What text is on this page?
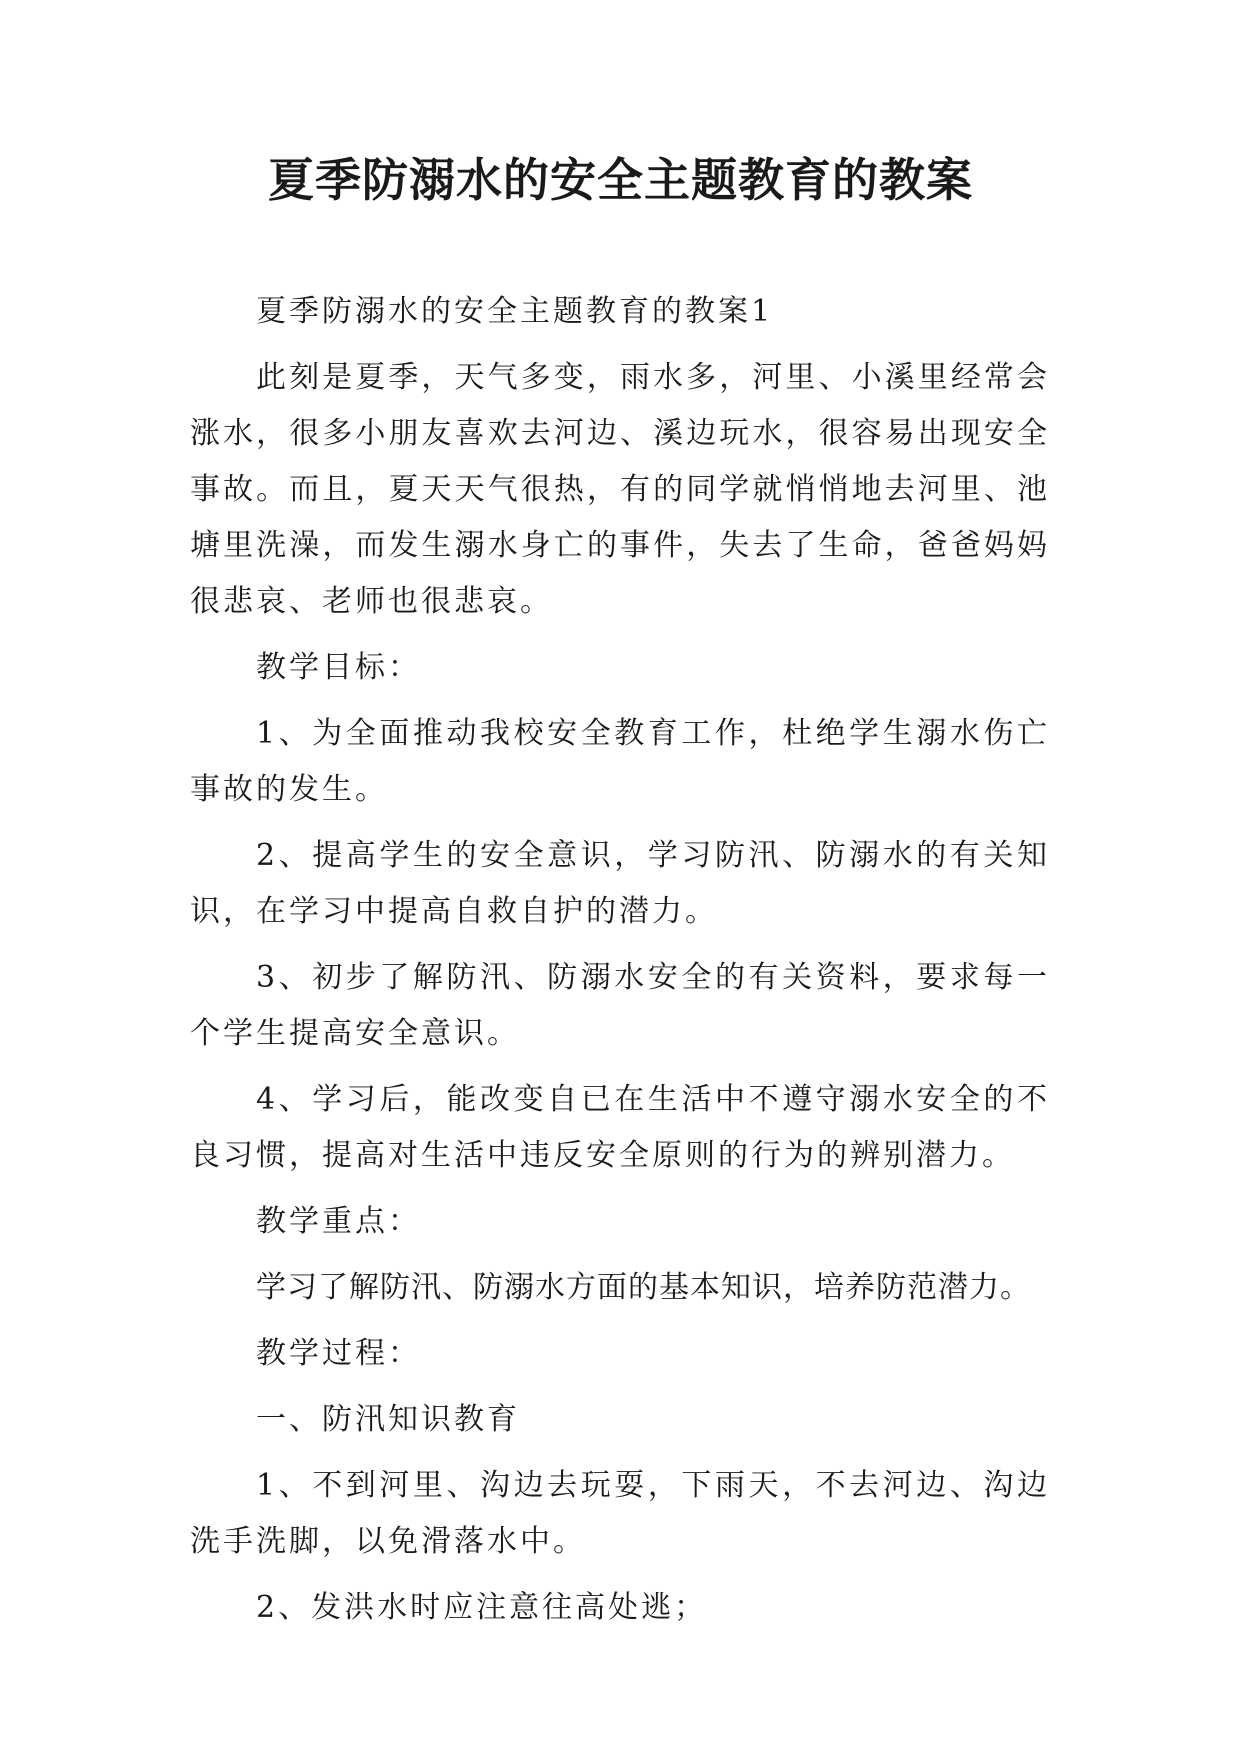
夏季防溺水的安全主题教育的教案

夏季防溺水的安全主题教育的教案1

此刻是夏季，天气多变，雨水多，河里、小溪里经常会涨水，很多小朋友喜欢去河边、溪边玩水，很容易出现安全事故。而且，夏天天气很热，有的同学就悄悄地去河里、池塘里洗澡，而发生溺水身亡的事件，失去了生命，爸爸妈妈很悲哀、老师也很悲哀。

教学目标：

1、为全面推动我校安全教育工作，杜绝学生溺水伤亡事故的发生。

2、提高学生的安全意识，学习防汛、防溺水的有关知识，在学习中提高自救自护的潜力。

3、初步了解防汛、防溺水安全的有关资料，要求每一个学生提高安全意识。

4、学习后，能改变自已在生活中不遵守溺水安全的不良习惯，提高对生活中违反安全原则的行为的辨别潜力。

教学重点：

学习了解防汛、防溺水方面的基本知识，培养防范潜力。

教学过程：

一、防汛知识教育

1、不到河里、沟边去玩耍，下雨天，不去河边、沟边洗手洗脚，以免滑落水中。

2、发洪水时应注意往高处逃；
